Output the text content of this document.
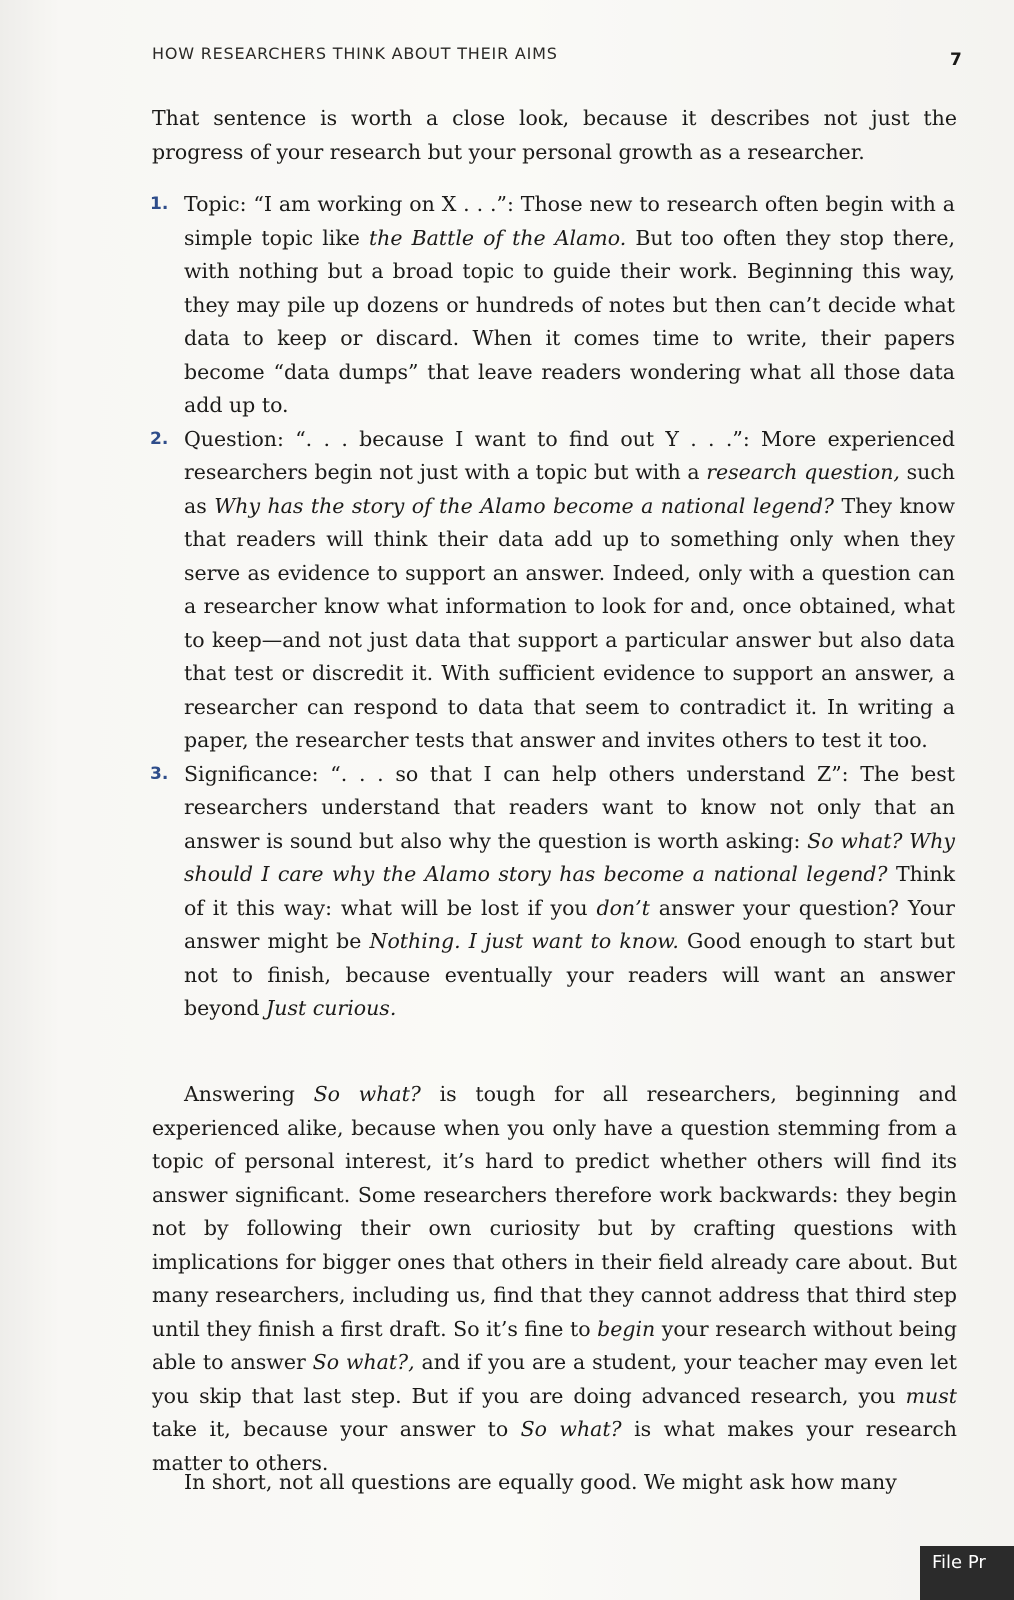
HOW RESEARCHERS THINK ABOUT THEIR AIMS	7

That sentence is worth a close look, because it describes not just the progress of your research but your personal growth as a researcher.

1. Topic: “I am working on X . . .”: Those new to research often begin with a simple topic like the Battle of the Alamo. But too often they stop there, with nothing but a broad topic to guide their work. Beginning this way, they may pile up dozens or hundreds of notes but then can’t decide what data to keep or discard. When it comes time to write, their papers become “data dumps” that leave readers wondering what all those data add up to.
2. Question: “. . . because I want to find out Y . . .”: More experienced researchers begin not just with a topic but with a research question, such as Why has the story of the Alamo become a national legend? They know that readers will think their data add up to something only when they serve as evidence to support an answer. Indeed, only with a question can a researcher know what information to look for and, once obtained, what to keep—and not just data that support a particular answer but also data that test or discredit it. With sufficient evidence to support an answer, a researcher can respond to data that seem to contradict it. In writing a paper, the researcher tests that answer and invites others to test it too.
3. Significance: “. . . so that I can help others understand Z”: The best researchers understand that readers want to know not only that an answer is sound but also why the question is worth asking: So what? Why should I care why the Alamo story has become a national legend? Think of it this way: what will be lost if you don’t answer your question? Your answer might be Nothing. I just want to know. Good enough to start but not to finish, because eventually your readers will want an answer beyond Just curious.

Answering So what? is tough for all researchers, beginning and experienced alike, because when you only have a question stemming from a topic of personal interest, it’s hard to predict whether others will find its answer significant. Some researchers therefore work backwards: they begin not by following their own curiosity but by crafting questions with implications for bigger ones that others in their field already care about. But many researchers, including us, find that they cannot address that third step until they finish a first draft. So it’s fine to begin your research without being able to answer So what?, and if you are a student, your teacher may even let you skip that last step. But if you are doing advanced research, you must take it, because your answer to So what? is what makes your research matter to others.

In short, not all questions are equally good. We might ask how many

File Pr
